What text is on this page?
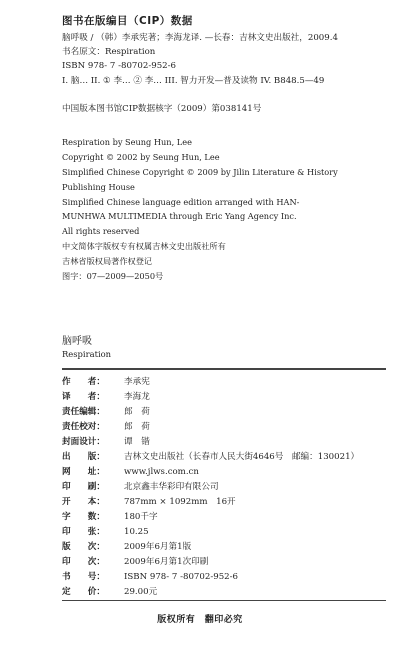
图书在版编目（CIP）数据
脑呼吸 / （韩）李承宪著；李海龙译. —长春：吉林文史出版社，2009.4
书名原文：Respiration
ISBN 978- 7 -80702-952-6
I. 脑… II. ① 李… ② 李… III. 智力开发—普及读物 IV. B848.5—49
中国版本图书馆CIP数据核字（2009）第038141号
Respiration by Seung Hun, Lee
Copyright © 2002 by Seung Hun, Lee
Simplified Chinese Copyright © 2009 by Jilin Literature & History
Publishing House
Simplified Chinese language edition arranged with HAN-
MUNHWA MULTIMEDIA through Eric Yang Agency Inc.
All rights reserved
中文简体字版权专有权属吉林文史出版社所有
吉林省版权局著作权登记
图字：07—2009—2050号
脑呼吸
Respiration
作　　者：	李承宪
译　　者：	李海龙
责任编辑：	郎　荷
责任校对：	郎　荷
封面设计：	谭　锴
出　　版：	吉林文史出版社（长春市人民大街4646号　邮编：130021）
网　　址：	www.jlws.com.cn
印　　刷：	北京鑫丰华彩印有限公司
开　　本：	787mm × 1092mm　16开
字　　数：	180千字
印　　张：	10.25
版　　次：	2009年6月第1版
印　　次：	2009年6月第1次印刷
书　　号：	ISBN 978- 7 -80702-952-6
定　　价：	29.00元
版权所有　翻印必究
